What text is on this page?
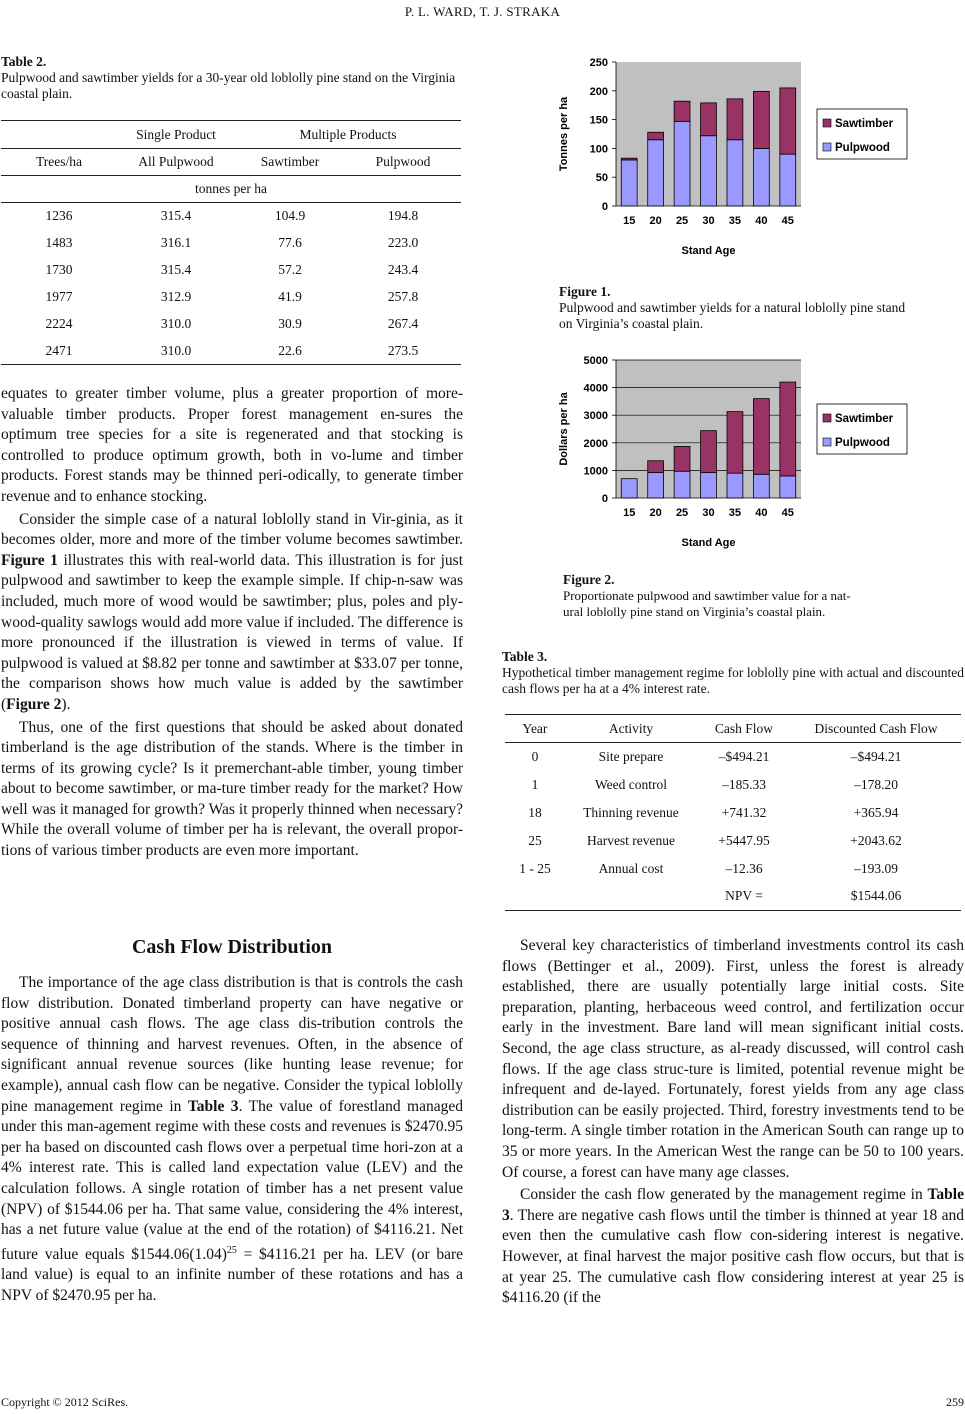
P. L. WARD, T. J. STRAKA
Table 2.
Pulpwood and sawtimber yields for a 30-year old loblolly pine stand on the Virginia coastal plain.
	Single Product	Multiple Products	
Trees/ha	All Pulpwood	Sawtimber	Pulpwood
tonnes per ha			
1236	315.4	104.9	194.8
1483	316.1	77.6	223.0
1730	315.4	57.2	243.4
1977	312.9	41.9	257.8
2224	310.0	30.9	267.4
2471	310.0	22.6	273.5

equates to greater timber volume, plus a greater proportion of more-valuable timber products. Proper forest management en-sures the optimum tree species for a site is regenerated and that stocking is controlled to produce optimum growth, both in vo-lume and timber products. Forest stands may be thinned peri-odically, to generate timber revenue and to enhance stocking.

Consider the simple case of a natural loblolly stand in Vir-ginia, as it becomes older, more and more of the timber volume becomes sawtimber. Figure 1 illustrates this with real-world data. This illustration is for just pulpwood and sawtimber to keep the example simple. If chip-n-saw was included, much more of wood would be sawtimber; plus, poles and ply-wood-quality sawlogs would add more value if included. The difference is more pronounced if the illustration is viewed in terms of value. If pulpwood is valued at $8.82 per tonne and sawtimber at $33.07 per tonne, the comparison shows how much value is added by the sawtimber (Figure 2).

Thus, one of the first questions that should be asked about donated timberland is the age distribution of the stands. Where is the timber in terms of its growing cycle? Is it premerchant-able timber, young timber about to become sawtimber, or ma-ture timber ready for the market? How well was it managed for growth? Was it properly thinned when necessary? While the overall volume of timber per ha is relevant, the overall propor-tions of various timber products are even more important.

Cash Flow Distribution

The importance of the age class distribution is that is controls the cash flow distribution. Donated timberland property can have negative or positive annual cash flows. The age class dis-tribution controls the sequence of thinning and harvest revenues. Often, in the absence of significant annual revenue sources (like hunting lease revenue; for example), annual cash flow can be negative. Consider the typical loblolly pine management regime in Table 3. The value of forestland managed under this man-agement regime with these costs and revenues is $2470.95 per ha based on discounted cash flows over a perpetual time hori-zon at a 4% interest rate. This is called land expectation value (LEV) and the calculation follows. A single rotation of timber has a net present value (NPV) of $1544.06 per ha. That same value, considering the 4% interest, has a net future value (value at the end of the rotation) of $4116.21. Net future value equals $\$1544.06(1.04)^{25}$ = $4116.21 per ha. LEV (or bare land value) is equal to an infinite number of these rotations and has a NPV of $2470.95 per ha.

0
50
100
150
200
250
15 20 25 30 35 40 45
Stand Age
Tonnes per ha	Sawtimber
Pulpwood
Figure 1.
Pulpwood and sawtimber yields for a natural loblolly pine stand on Virginia’s coastal plain.
0
1000
2000
3000
4000
5000
15 20 25 30 35 40 45
Stand Age
Dollars per ha	Sawtimber
Pulpwood
Figure 2.
Proportionate pulpwood and sawtimber value for a nat-
ural loblolly pine stand on Virginia’s coastal plain.
Table 3.
Hypothetical timber management regime for loblolly pine with actual and discounted cash flows per ha at a 4% interest rate.
Year	Activity	Cash Flow	Discounted Cash Flow
0	Site prepare	–$494.21	–$494.21
1	Weed control	–185.33	–178.20
18	Thinning revenue	+741.32	+365.94
25	Harvest revenue	+5447.95	+2043.62
1 - 25	Annual cost	–12.36	–193.09
		NPV =	$1544.06

Several key characteristics of timberland investments control its cash flows (Bettinger et al., 2009). First, unless the forest is already established, there are usually potentially large initial costs. Site preparation, planting, herbaceous weed control, and fertilization occur early in the investment. Bare land will mean significant initial costs. Second, the age class structure, as al-ready discussed, will control cash flows. If the age class struc-ture is limited, potential revenue might be infrequent and de-layed. Fortunately, forest yields from any age class distribution can be easily projected. Third, forestry investments tend to be long-term. A single timber rotation in the American South can range up to 35 or more years. In the American West the range can be 50 to 100 years. Of course, a forest can have many age classes.

Consider the cash flow generated by the management regime in Table 3. There are negative cash flows until the timber is thinned at year 18 and even then the cumulative cash flow con-sidering interest is negative. However, at final harvest the major positive cash flow occurs, but that is at year 25. The cumulative cash flow considering interest at year 25 is $4116.20 (if the

Copyright © 2012 SciRes.	259
